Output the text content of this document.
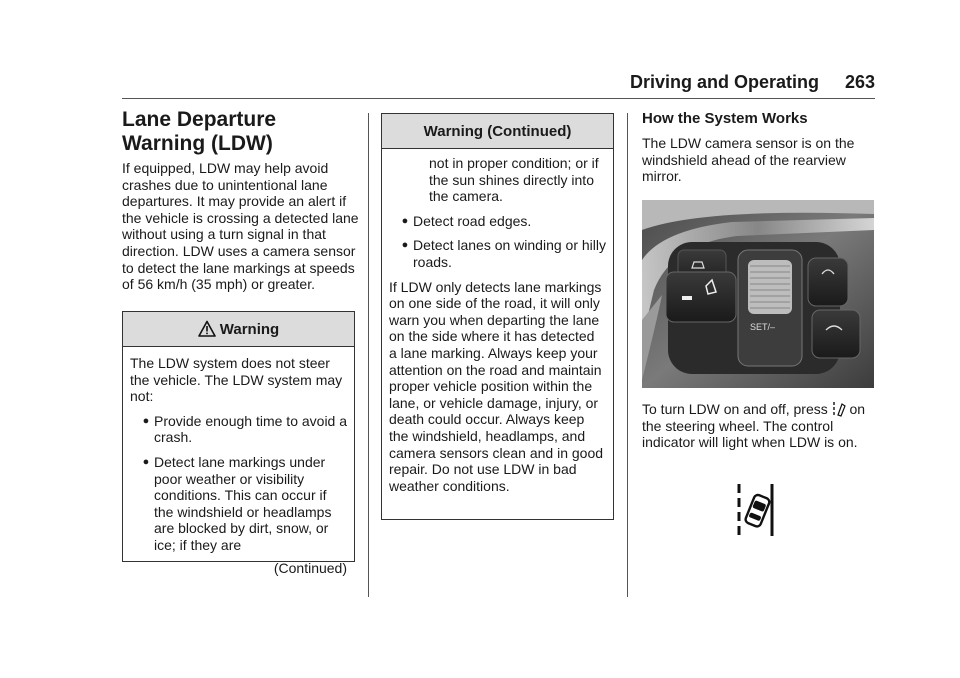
Driving and Operating 263
Lane Departure
Warning (LDW)
If equipped, LDW may help avoid crashes due to unintentional lane departures. It may provide an alert if the vehicle is crossing a detected lane without using a turn signal in that direction. LDW uses a camera sensor to detect the lane markings at speeds of 56 km/h (35 mph) or greater.
Warning
The LDW system does not steer the vehicle. The LDW system may not:
● Provide enough time to avoid a crash.
● Detect lane markings under poor weather or visibility conditions. This can occur if the windshield or headlamps are blocked by dirt, snow, or ice; if they are
(Continued)
Warning (Continued)
not in proper condition; or if the sun shines directly into the camera.
● Detect road edges.
● Detect lanes on winding or hilly roads.
If LDW only detects lane markings on one side of the road, it will only warn you when departing the lane on the side where it has detected a lane marking. Always keep your attention on the road and maintain proper vehicle position within the lane, or vehicle damage, injury, or death could occur. Always keep the windshield, headlamps, and camera sensors clean and in good repair. Do not use LDW in bad weather conditions.
How the System Works
The LDW camera sensor is on the windshield ahead of the rearview mirror.
SET/–
To turn LDW on and off, press on the steering wheel. The control indicator will light when LDW is on.
